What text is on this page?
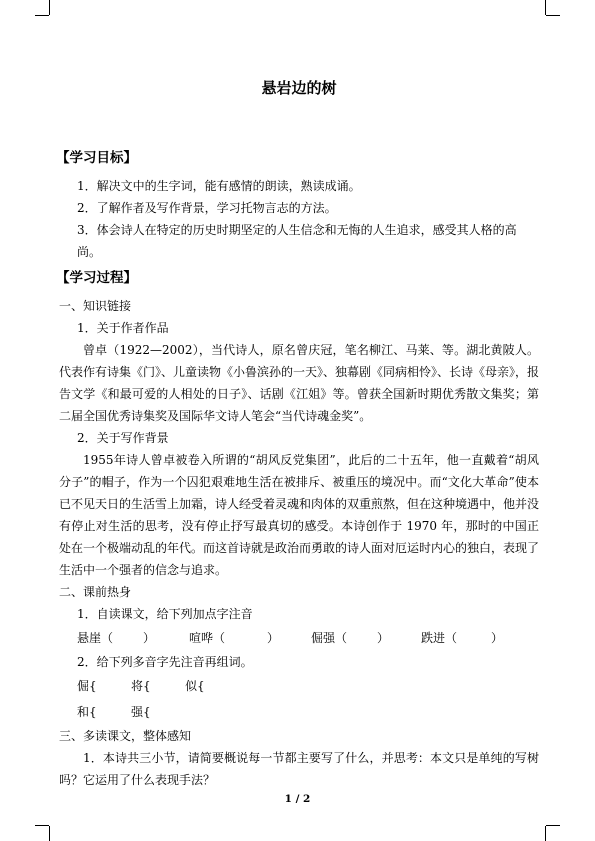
悬岩边的树
【学习目标】

1．解决文中的生字词，能有感情的朗读，熟读成诵。

2．了解作者及写作背景，学习托物言志的方法。

3．体会诗人在特定的历史时期坚定的人生信念和无悔的人生追求，感受其人格的高尚。

【学习过程】

一、知识链接

1．关于作者作品

曾卓（1922—2002），当代诗人，原名曾庆冠，笔名柳江、马莱、等。湖北黄陂人。代表作有诗集《门》、儿童读物《小鲁滨孙的一天》、独幕剧《同病相怜》、长诗《母亲》，报告文学《和最可爱的人相处的日子》、话剧《江姐》等。曾获全国新时期优秀散文集奖；第二届全国优秀诗集奖及国际华文诗人笔会“当代诗魂金奖”。

2．关于写作背景

1955年诗人曾卓被卷入所谓的“胡风反党集团”，此后的二十五年，他一直戴着“胡风分子”的帽子，作为一个囚犯艰难地生活在被排斥、被重压的境况中。而“文化大革命”使本已不见天日的生活雪上加霜，诗人经受着灵魂和肉体的双重煎熬，但在这种境遇中，他并没有停止对生活的思考，没有停止抒写最真切的感受。本诗创作于 1970 年，那时的中国正处在一个极端动乱的年代。而这首诗就是政治而勇敢的诗人面对厄运时内心的独白，表现了生活中一个强者的信念与追求。

二、课前热身

1．自读课文，给下列加点字注音

悬崖（	）	喧哗（	）	倔强（	）	跌进（	）

2．给下列多音字先注音再组词。

倔{	将{	似{
和{	强{

三、多读课文，整体感知

1．本诗共三小节，请简要概说每一节都主要写了什么，并思考：本文只是单纯的写树吗？它运用了什么表现手法？

1 / 2
